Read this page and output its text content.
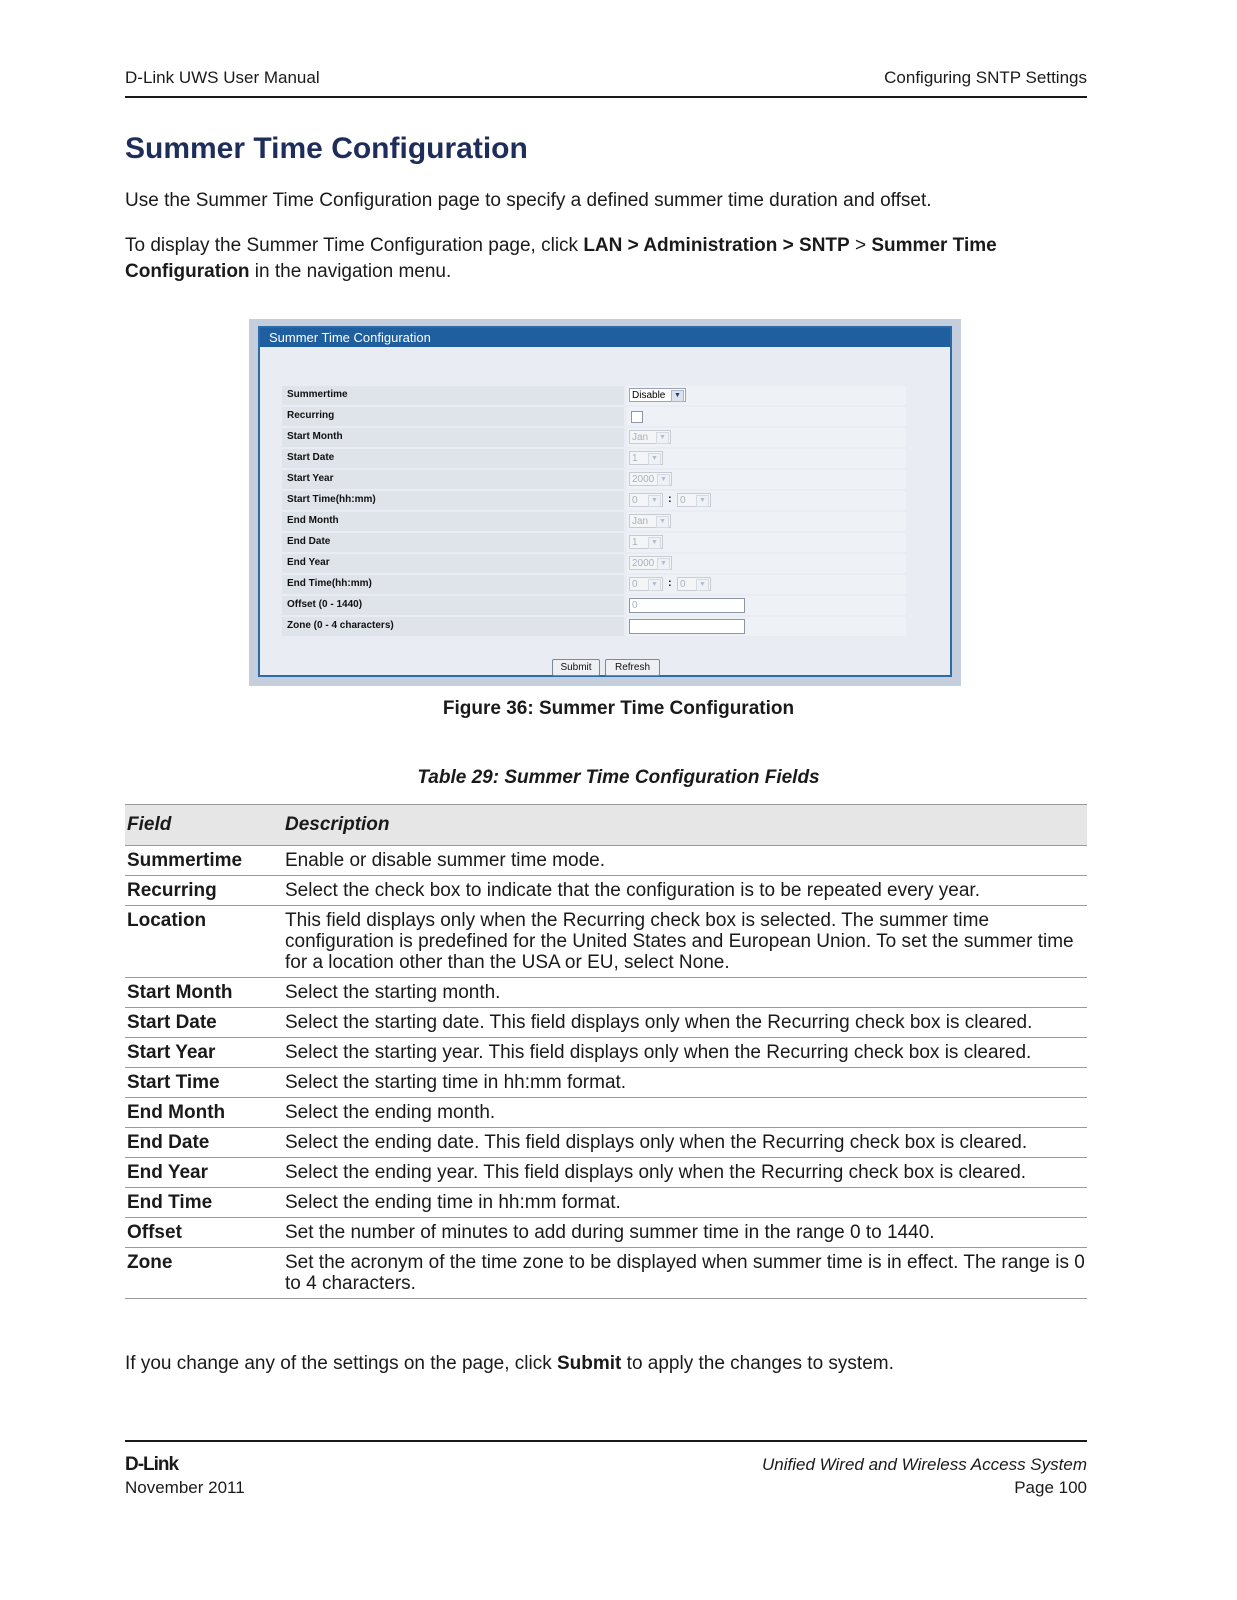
D-Link UWS User Manual	Configuring SNTP Settings
Summer Time Configuration

Use the Summer Time Configuration page to specify a defined summer time duration and offset.

To display the Summer Time Configuration page, click LAN > Administration > SNTP > Summer Time Configuration in the navigation menu.

Summer Time Configuration
Summertime	Disable	▼
Recurring
Start Month	Jan	▼
Start Date	1	▼
Start Year	2000 ▼
Start Time(hh:mm)	0	▼ : 0	▼
End Month	Jan	▼
End Date	1	▼
End Year	2000 ▼
End Time(hh:mm)	0	▼ : 0	▼
Offset (0 - 1440)	0
Zone (0 - 4 characters)
Submit	Refresh
Figure 36: Summer Time Configuration
Table 29: Summer Time Configuration Fields
Field	Description
Summertime	Enable or disable summer time mode.
Recurring	Select the check box to indicate that the configuration is to be repeated every year.
Location	This field displays only when the Recurring check box is selected. The summer time configuration is predefined for the United States and European Union. To set the summer time for a location other than the USA or EU, select None.
Start Month	Select the starting month.
Start Date	Select the starting date. This field displays only when the Recurring check box is cleared.
Start Year	Select the starting year. This field displays only when the Recurring check box is cleared.
Start Time	Select the starting time in hh:mm format.
End Month	Select the ending month.
End Date	Select the ending date. This field displays only when the Recurring check box is cleared.
End Year	Select the ending year. This field displays only when the Recurring check box is cleared.
End Time	Select the ending time in hh:mm format.
Offset	Set the number of minutes to add during summer time in the range 0 to 1440.
Zone	Set the acronym of the time zone to be displayed when summer time is in effect. The range is 0 to 4 characters.

If you change any of the settings on the page, click Submit to apply the changes to system.

D-Link
November 2011
Unified Wired and Wireless Access System
Page 100
